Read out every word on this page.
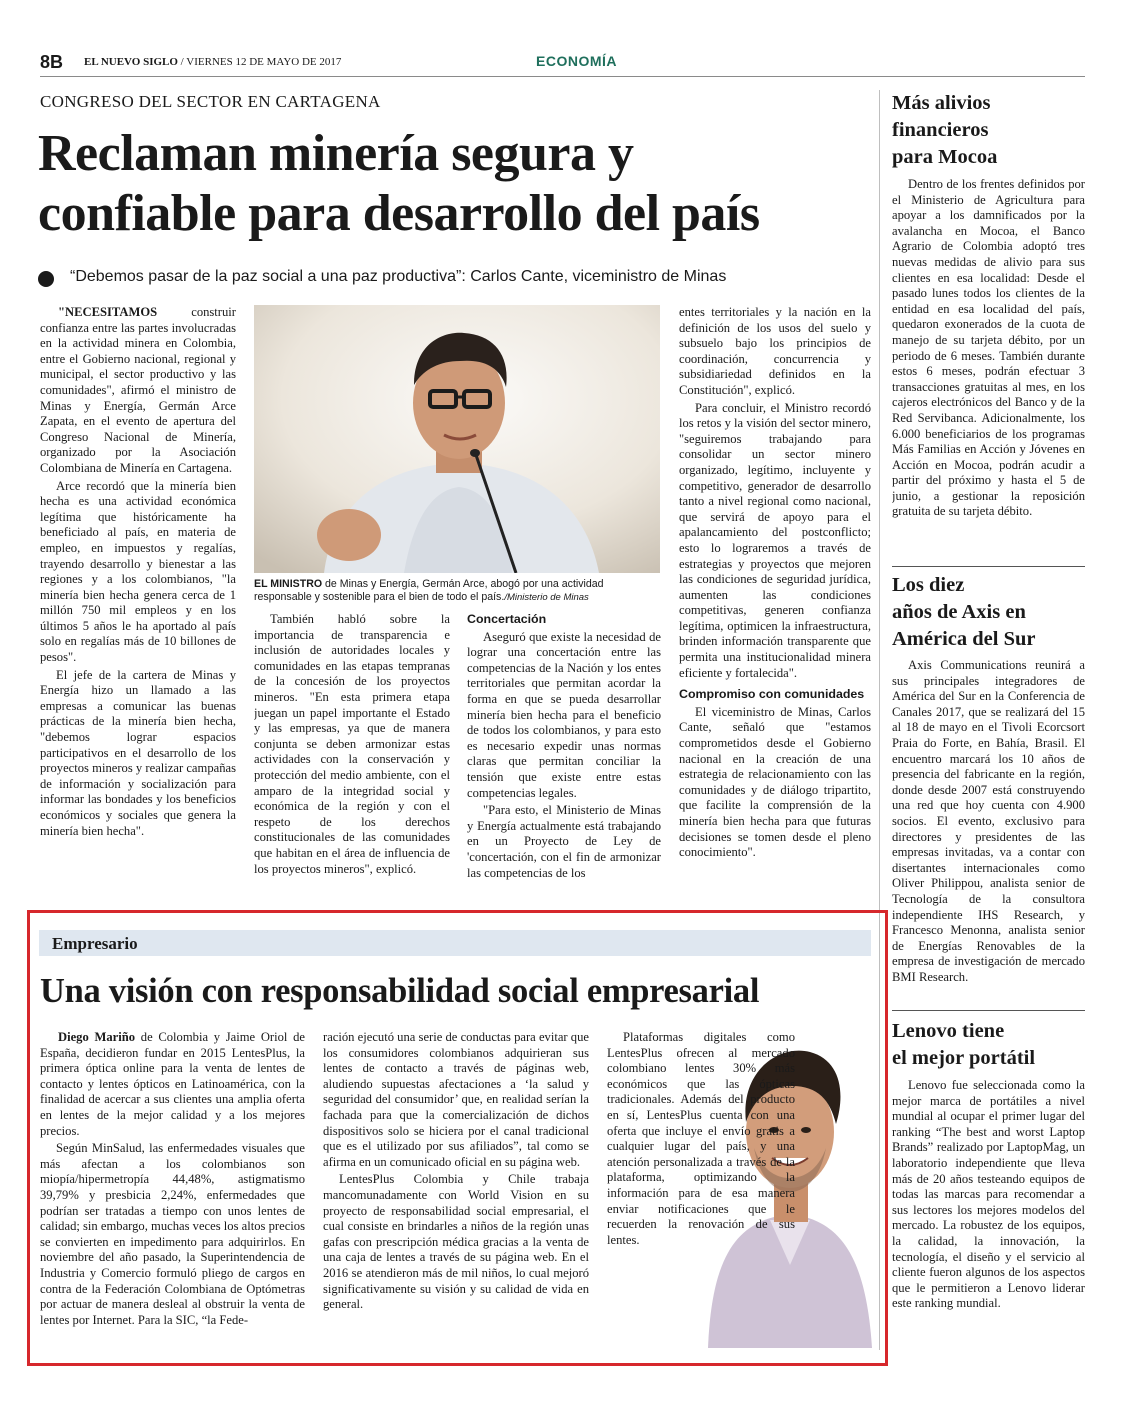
8B EL NUEVO SIGLO / VIERNES 12 DE MAYO DE 2017	ECONOMÍA
CONGRESO DEL SECTOR EN CARTAGENA
Reclaman minería segura y
confiable para desarrollo del país
“Debemos pasar de la paz social a una paz productiva”: Carlos Cante, viceministro de Minas

"NECESITAMOS construir confianza entre las partes involucradas en la actividad minera en Colombia, entre el Gobierno nacional, regional y municipal, el sector productivo y las comunidades", afirmó el ministro de Minas y Energía, Germán Arce Zapata, en el evento de apertura del Congreso Nacional de Minería, organizado por la Asociación Colombiana de Minería en Cartagena.

Arce recordó que la minería bien hecha es una actividad económica legítima que históricamente ha beneficiado al país, en materia de empleo, en impuestos y regalías, trayendo desarrollo y bienestar a las regiones y a los colombianos, "la minería bien hecha genera cerca de 1 millón 750 mil empleos y en los últimos 5 años le ha aportado al país solo en regalías más de 10 billones de pesos".

El jefe de la cartera de Minas y Energía hizo un llamado a las empresas a comunicar las buenas prácticas de la minería bien hecha, "debemos lograr espacios participativos en el desarrollo de los proyectos mineros y realizar campañas de información y socialización para informar las bondades y los beneficios económicos y sociales que genera la minería bien hecha".

EL MINISTRO de Minas y Energía, Germán Arce, abogó por una actividad responsable y sostenible para el bien de todo el país./Ministerio de Minas

También habló sobre la importancia de transparencia e inclusión de autoridades locales y comunidades en las etapas tempranas de la concesión de los proyectos mineros. "En esta primera etapa juegan un papel importante el Estado y las empresas, ya que de manera conjunta se deben armonizar estas actividades con la conservación y protección del medio ambiente, con el amparo de la integridad social y económica de la región y con el respeto de los derechos constitucionales de las comunidades que habitan en el área de influencia de los proyectos mineros", explicó.

Concertación

Aseguró que existe la necesidad de lograr una concertación entre las competencias de la Nación y los entes territoriales que permitan acordar la forma en que se pueda desarrollar minería bien hecha para el beneficio de todos los colombianos, y para esto es necesario expedir unas normas claras que permitan conciliar la tensión que existe entre estas competencias legales.

"Para esto, el Ministerio de Minas y Energía actualmente está trabajando en un Proyecto de Ley de 'concertación, con el fin de armonizar las competencias de los

entes territoriales y la nación en la definición de los usos del suelo y subsuelo bajo los principios de coordinación, concurrencia y subsidiariedad definidos en la Constitución", explicó.

Para concluir, el Ministro recordó los retos y la visión del sector minero, "seguiremos trabajando para consolidar un sector minero organizado, legítimo, incluyente y competitivo, generador de desarrollo tanto a nivel regional como nacional, que servirá de apoyo para el apalancamiento del postconflicto; esto lo lograremos a través de estrategias y proyectos que mejoren las condiciones de seguridad jurídica, aumenten las condiciones competitivas, generen confianza legítima, optimicen la infraestructura, brinden información transparente que permita una institucionalidad minera eficiente y fortalecida".

Compromiso con comunidades

El viceministro de Minas, Carlos Cante, señaló que "estamos comprometidos desde el Gobierno nacional en la creación de una estrategia de relacionamiento con las comunidades y de diálogo tripartito, que facilite la comprensión de la minería bien hecha para que futuras decisiones se tomen desde el pleno conocimiento".

Más alivios
financieros
para Mocoa

Dentro de los frentes definidos por el Ministerio de Agricultura para apoyar a los damnificados por la avalancha en Mocoa, el Banco Agrario de Colombia adoptó tres nuevas medidas de alivio para sus clientes en esa localidad: Desde el pasado lunes todos los clientes de la entidad en esa localidad del país, quedaron exonerados de la cuota de manejo de su tarjeta débito, por un periodo de 6 meses. También durante estos 6 meses, podrán efectuar 3 transacciones gratuitas al mes, en los cajeros electrónicos del Banco y de la Red Servibanca. Adicionalmente, los 6.000 beneficiarios de los programas Más Familias en Acción y Jóvenes en Acción en Mocoa, podrán acudir a partir del próximo y hasta el 5 de junio, a gestionar la reposición gratuita de su tarjeta débito.

Los diez
años de Axis en
América del Sur

Axis Communications reunirá a sus principales integradores de América del Sur en la Conferencia de Canales 2017, que se realizará del 15 al 18 de mayo en el Tivoli Ecorcsort Praia do Forte, en Bahía, Brasil. El encuentro marcará los 10 años de presencia del fabricante en la región, donde desde 2007 está construyendo una red que hoy cuenta con 4.900 socios. El evento, exclusivo para directores y presidentes de las empresas invitadas, va a contar con disertantes internacionales como Oliver Philippou, analista senior de Tecnología de la consultora independiente IHS Research, y Francesco Menonna, analista senior de Energías Renovables de la empresa de investigación de mercado BMI Research.

Lenovo tiene
el mejor portátil

Lenovo fue seleccionada como la mejor marca de portátiles a nivel mundial al ocupar el primer lugar del ranking “The best and worst Laptop Brands” realizado por LaptopMag, un laboratorio independiente que lleva más de 20 años testeando equipos de todas las marcas para recomendar a sus lectores los mejores modelos del mercado. La robustez de los equipos, la calidad, la innovación, la tecnología, el diseño y el servicio al cliente fueron algunos de los aspectos que le permitieron a Lenovo liderar este ranking mundial.

Empresario
Una visión con responsabilidad social empresarial

Diego Mariño de Colombia y Jaime Oriol de España, decidieron fundar en 2015 LentesPlus, la primera óptica online para la venta de lentes de contacto y lentes ópticos en Latinoamérica, con la finalidad de acercar a sus clientes una amplia oferta en lentes de la mejor calidad y a los mejores precios.

Según MinSalud, las enfermedades visuales que más afectan a los colombianos son miopía/hipermetropía 44,48%, astigmatismo 39,79% y presbicia 2,24%, enfermedades que podrían ser tratadas a tiempo con unos lentes de calidad; sin embargo, muchas veces los altos precios se convierten en impedimento para adquirirlos. En noviembre del año pasado, la Superintendencia de Industria y Comercio formuló pliego de cargos en contra de la Federación Colombiana de Optómetras por actuar de manera desleal al obstruir la venta de lentes por Internet. Para la SIC, “la Fede-

ración ejecutó una serie de conductas para evitar que los consumidores colombianos adquirieran sus lentes de contacto a través de páginas web, aludiendo supuestas afectaciones a ‘la salud y seguridad del consumidor’ que, en realidad serían la fachada para que la comercialización de dichos dispositivos solo se hiciera por el canal tradicional que es el utilizado por sus afiliados”, tal como se afirma en un comunicado oficial en su página web.

LentesPlus Colombia y Chile trabaja mancomunadamente con World Vision en su proyecto de responsabilidad social empresarial, el cual consiste en brindarles a niños de la región unas gafas con prescripción médica gracias a la venta de una caja de lentes a través de su página web. En el 2016 se atendieron más de mil niños, lo cual mejoró significativamente su visión y su calidad de vida en general.

Plataformas digitales como LentesPlus ofrecen al mercado colombiano lentes 30% más económicos que las ópticas tradicionales. Además del producto en sí, LentesPlus cuenta con una oferta que incluye el envío gratis a cualquier lugar del país, y una atención personalizada a través de la plataforma, optimizando la información para de esa manera enviar notificaciones que le recuerden la renovación de sus lentes.
